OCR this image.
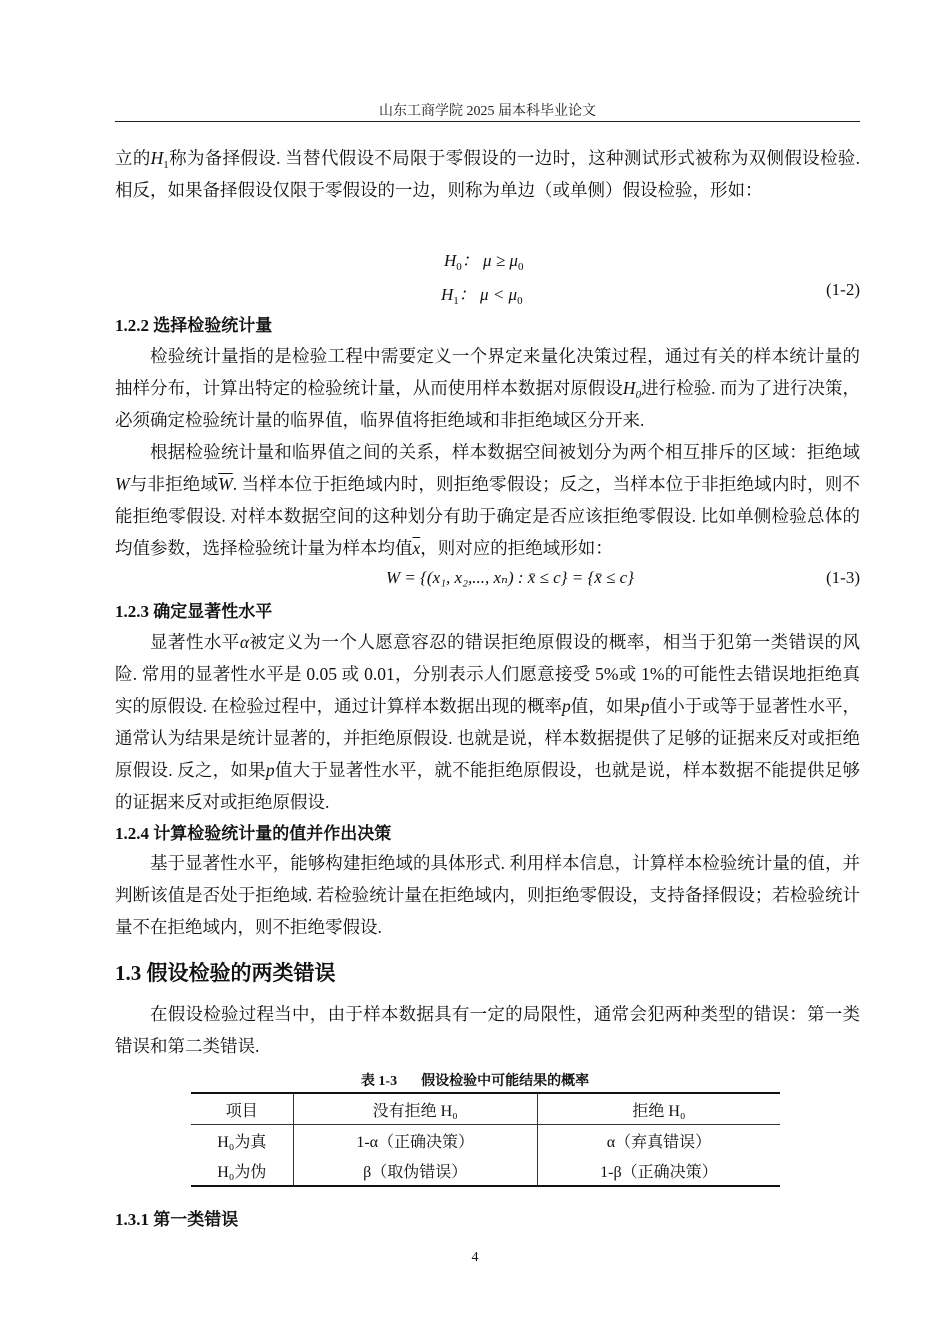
山东工商学院 2025 届本科毕业论文
立的$H_1$称为备择假设. 当替代假设不局限于零假设的一边时，这种测试形式被称为双侧假设检验. 相反，如果备择假设仅限于零假设的一边，则称为单边（或单侧）假设检验，形如：
$H_0$： $\mu \ge \mu_0$
$H_1$： $\mu < \mu_0$
(1-2)
1.2.2 选择检验统计量
检验统计量指的是检验工程中需要定义一个界定来量化决策过程，通过有关的样本统计量的抽样分布，计算出特定的检验统计量，从而使用样本数据对原假设$H_0$进行检验. 而为了进行决策，必须确定检验统计量的临界值，临界值将拒绝域和非拒绝域区分开来.
根据检验统计量和临界值之间的关系，样本数据空间被划分为两个相互排斥的区域：拒绝域W与非拒绝域$\overline{W}$. 当样本位于拒绝域内时，则拒绝零假设；反之，当样本位于非拒绝域内时，则不能拒绝零假设. 对样本数据空间的这种划分有助于确定是否应该拒绝零假设. 比如单侧检验总体的均值参数，选择检验统计量为样本均值$\overline{x}$，则对应的拒绝域形如：
W = {(x₁, x₂,..., xₙ) : x̄ ≤ c} = {x̄ ≤ c}	(1-3)
1.2.3 确定显著性水平
显著性水平α被定义为一个人愿意容忍的错误拒绝原假设的概率，相当于犯第一类错误的风险. 常用的显著性水平是 0.05 或 0.01，分别表示人们愿意接受 5%或 1%的可能性去错误地拒绝真实的原假设. 在检验过程中，通过计算样本数据出现的概率p值，如果p值小于或等于显著性水平，通常认为结果是统计显著的，并拒绝原假设. 也就是说，样本数据提供了足够的证据来反对或拒绝原假设. 反之，如果p值大于显著性水平，就不能拒绝原假设，也就是说，样本数据不能提供足够的证据来反对或拒绝原假设.
1.2.4 计算检验统计量的值并作出决策
基于显著性水平，能够构建拒绝域的具体形式. 利用样本信息，计算样本检验统计量的值，并判断该值是否处于拒绝域. 若检验统计量在拒绝域内，则拒绝零假设，支持备择假设；若检验统计量不在拒绝域内，则不拒绝零假设.
1.3 假设检验的两类错误
在假设检验过程当中，由于样本数据具有一定的局限性，通常会犯两种类型的错误：第一类错误和第二类错误.
表 1-3 假设检验中可能结果的概率
项目	没有拒绝 H₀	拒绝 H₀
H₀为真	1-α（正确决策）	α（弃真错误）
H₀为伪	β（取伪错误）	1-β（正确决策）
1.3.1 第一类错误
4
